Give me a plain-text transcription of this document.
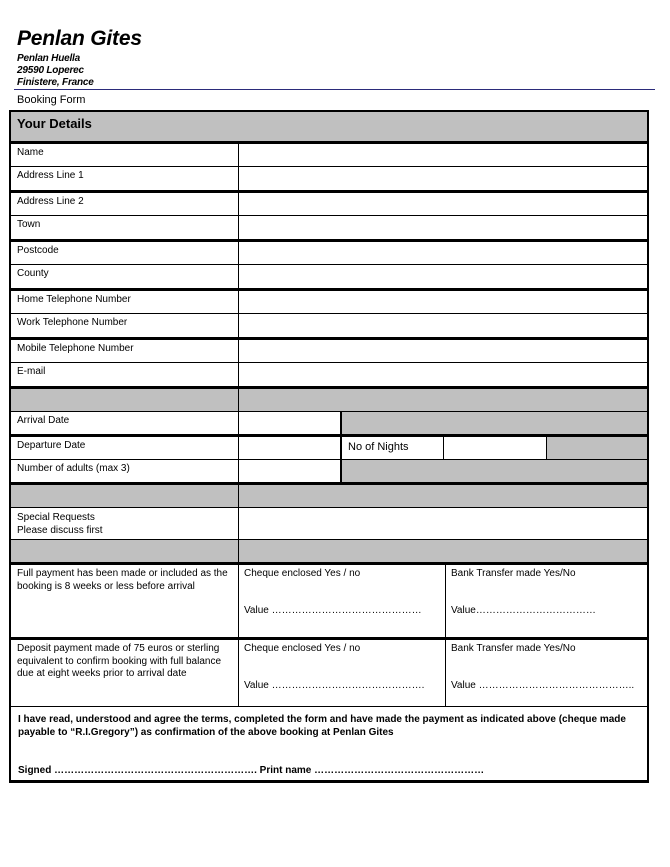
Penlan Gites
Penlan Huella
29590 Loperec
Finistere, France
Booking Form
Your Details
Name
Address Line 1
Address Line 2
Town
Postcode
County
Home Telephone Number
Work Telephone Number
Mobile Telephone Number
E-mail
Arrival Date
Departure Date	No of Nights
Number of adults (max 3)
Special Requests
Please discuss first
Full payment has been made or included as the booking is 8 weeks or less before arrival
Cheque enclosed Yes / no
Value ………………………………………
Bank Transfer made Yes/No
Value………………………………
Deposit payment made of 75 euros or sterling equivalent to confirm booking with full balance due at eight weeks prior to arrival date
Cheque enclosed Yes / no
Value ……………………………………….
Bank Transfer made Yes/No
Value ………………………………………..
I have read, understood and agree the terms, completed the form and have made the payment as indicated above (cheque made payable to “R.I.Gregory”) as confirmation of the above booking at Penlan Gites
Signed ……………………………………………………. Print name ……………………………………………
